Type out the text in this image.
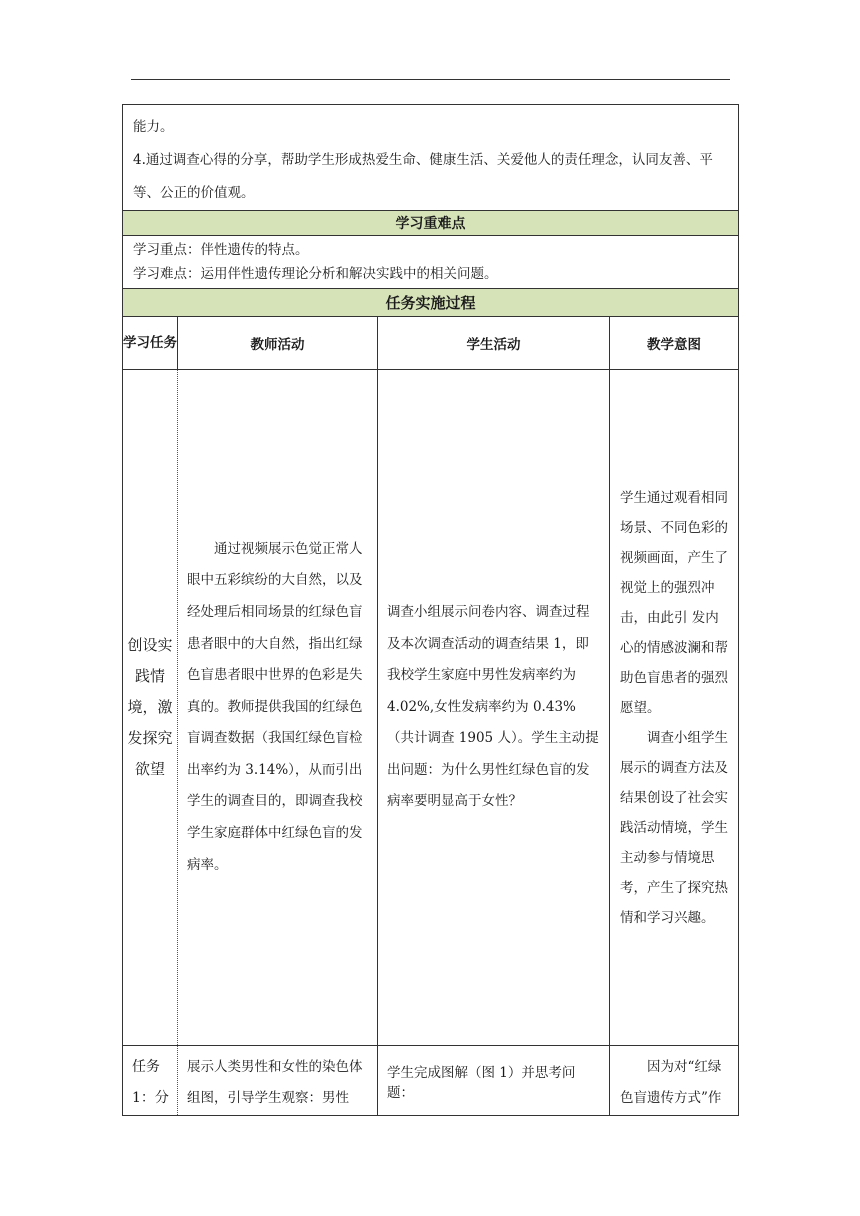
能力。

4.通过调查心得的分享，帮助学生形成热爱生命、健康生活、关爱他人的责任理念，认同友善、平等、公正的价值观。			

学习重难点			

学习重点：伴性遗传的特点。

学习难点：运用伴性遗传理论分析和解决实践中的相关问题。			

任务实施过程			
学习任务	教师活动	学生活动	教学意图
创设实践情境，激发探究欲望	通过视频展示色觉正常人眼中五彩缤纷的大自然，以及经处理后相同场景的红绿色盲患者眼中的大自然，指出红绿色盲患者眼中世界的色彩是失真的。教师提供我国的红绿色盲调查数据（我国红绿色盲检出率约为 3.14%），从而引出学生的调查目的，即调查我校学生家庭群体中红绿色盲的发病率。	调查小组展示问卷内容、调查过程及本次调查活动的调查结果 1，即我校学生家庭中男性发病率约为 4.02%,女性发病率约为 0.43%（共计调查 1905 人）。学生主动提出问题：为什么男性红绿色盲的发病率要明显高于女性？	学生通过观看相同场景、不同色彩的视频画面，产生了视觉上的强烈冲击，由此引 发内心的情感波澜和帮助色盲患者的强烈愿望。

调查小组学生展示的调查方法及结果创设了社会实践活动情境，学生主动参与情境思考，产生了探究热情和学习兴趣。

任务 1：分	展示人类男性和女性的染色体组图，引导学生观察：男性	学生完成图解（图 1）并思考问题：	因为对“红绿色盲遗传方式”作
